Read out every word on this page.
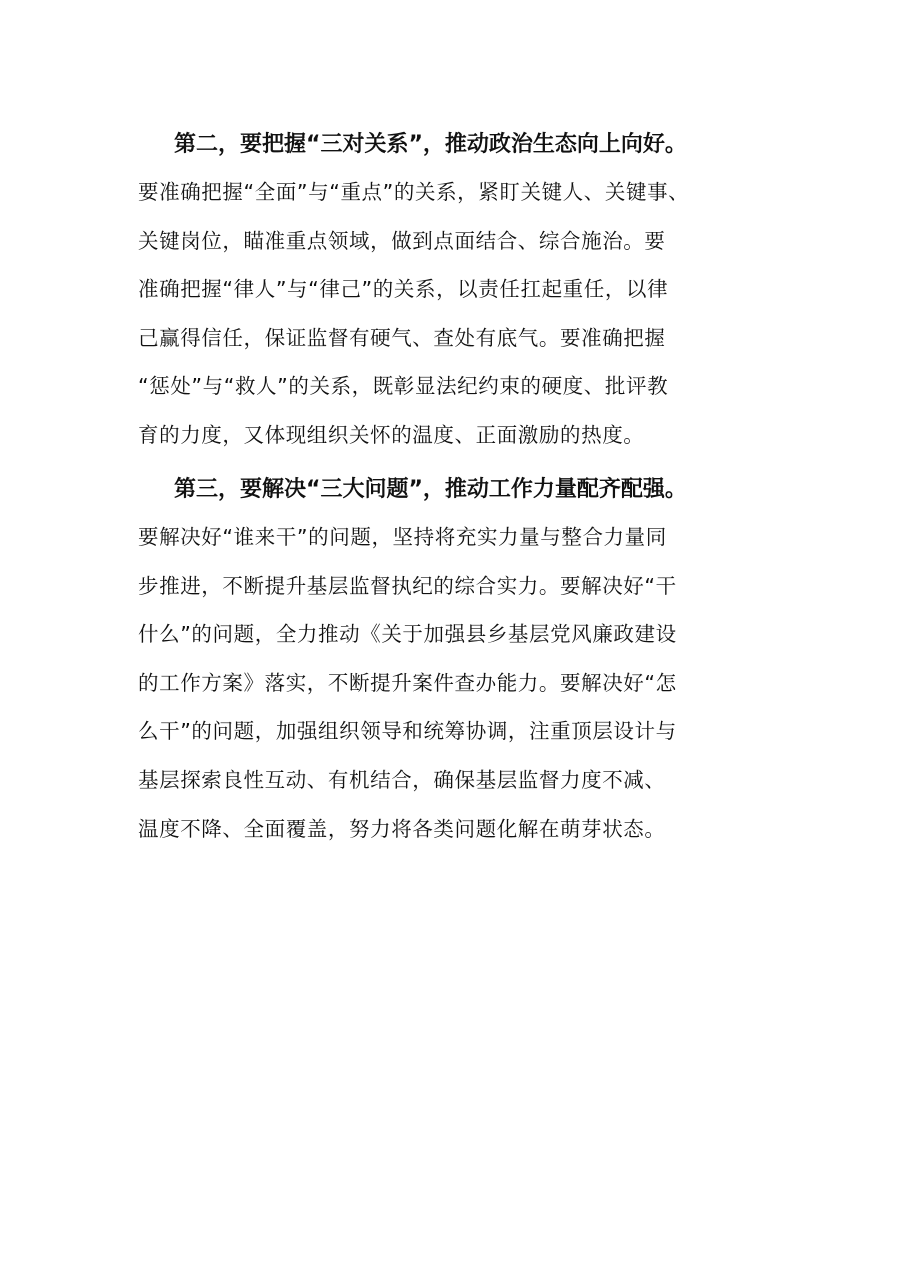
第二，要把握“三对关系”，推动政治生态向上向好。

要准确把握“全面”与“重点”的关系，紧盯关键人、关键事、

关键岗位，瞄准重点领域，做到点面结合、综合施治。要

准确把握“律人”与“律己”的关系，以责任扛起重任，以律

己赢得信任，保证监督有硬气、查处有底气。要准确把握

“惩处”与“救人”的关系，既彰显法纪约束的硬度、批评教

育的力度，又体现组织关怀的温度、正面激励的热度。

第三，要解决“三大问题”，推动工作力量配齐配强。

要解决好“谁来干”的问题，坚持将充实力量与整合力量同

步推进，不断提升基层监督执纪的综合实力。要解决好“干

什么”的问题，全力推动《关于加强县乡基层党风廉政建设

的工作方案》落实，不断提升案件查办能力。要解决好“怎

么干”的问题，加强组织领导和统筹协调，注重顶层设计与

基层探索良性互动、有机结合，确保基层监督力度不减、

温度不降、全面覆盖，努力将各类问题化解在萌芽状态。
